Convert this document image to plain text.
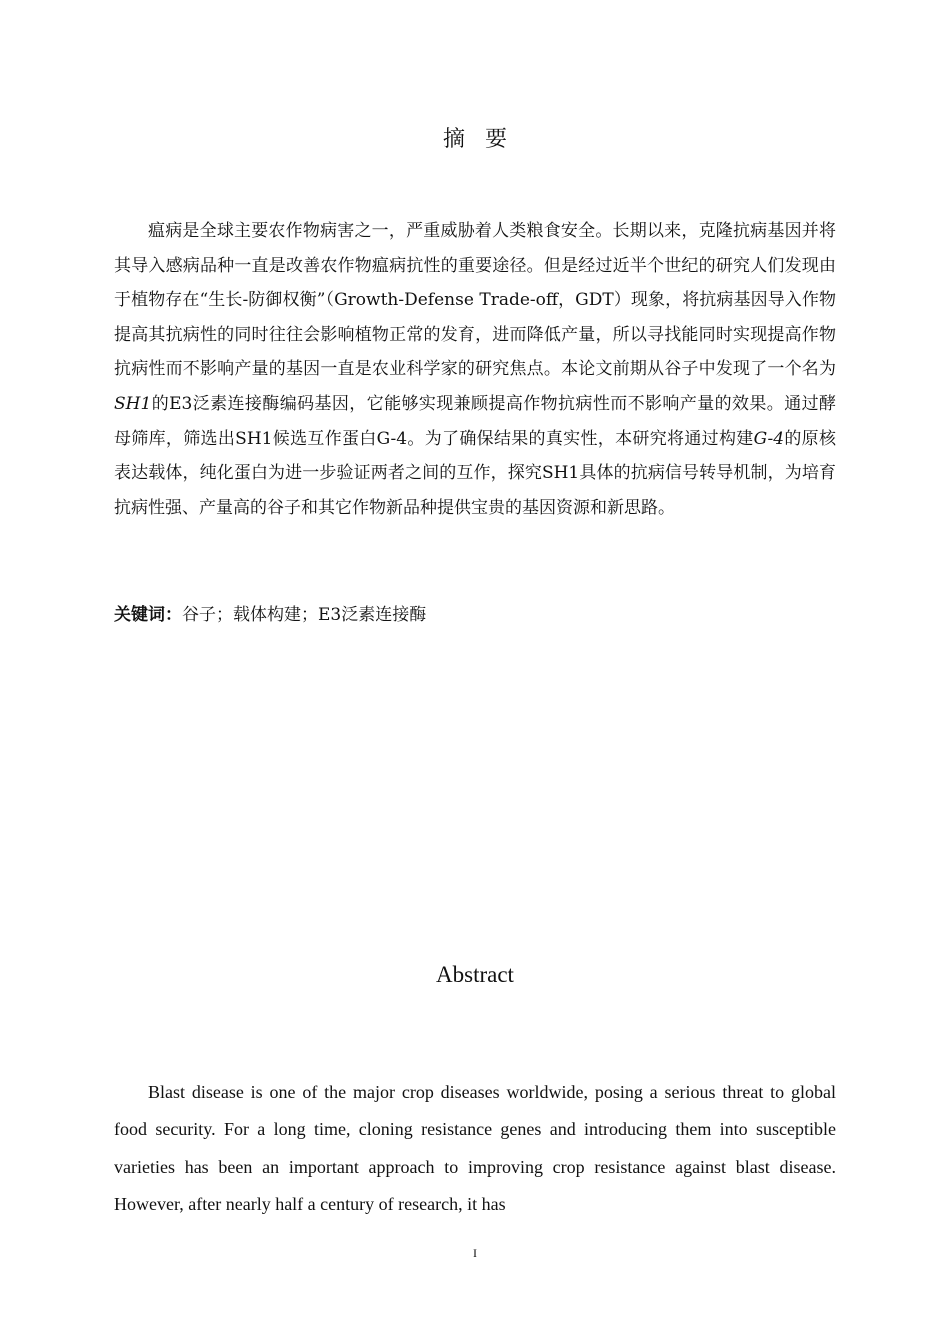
摘要

瘟病是全球主要农作物病害之一，严重威胁着人类粮食安全。长期以来，克隆抗病基因并将其导入感病品种一直是改善农作物瘟病抗性的重要途径。但是经过近半个世纪的研究人们发现由于植物存在“生长-防御权衡”（Growth-Defense Trade-off，GDT）现象，将抗病基因导入作物提高其抗病性的同时往往会影响植物正常的发育，进而降低产量，所以寻找能同时实现提高作物抗病性而不影响产量的基因一直是农业科学家的研究焦点。本论文前期从谷子中发现了一个名为SH1的E3泛素连接酶编码基因，它能够实现兼顾提高作物抗病性而不影响产量的效果。通过酵母筛库，筛选出SH1候选互作蛋白G-4。为了确保结果的真实性，本研究将通过构建G-4的原核表达载体，纯化蛋白为进一步验证两者之间的互作，探究SH1具体的抗病信号转导机制，为培育抗病性强、产量高的谷子和其它作物新品种提供宝贵的基因资源和新思路。

关键词：谷子；载体构建；E3泛素连接酶
Abstract

Blast disease is one of the major crop diseases worldwide, posing a serious threat to global food security. For a long time, cloning resistance genes and introducing them into susceptible varieties has been an important approach to improving crop resistance against blast disease. However, after nearly half a century of research, it has

I
